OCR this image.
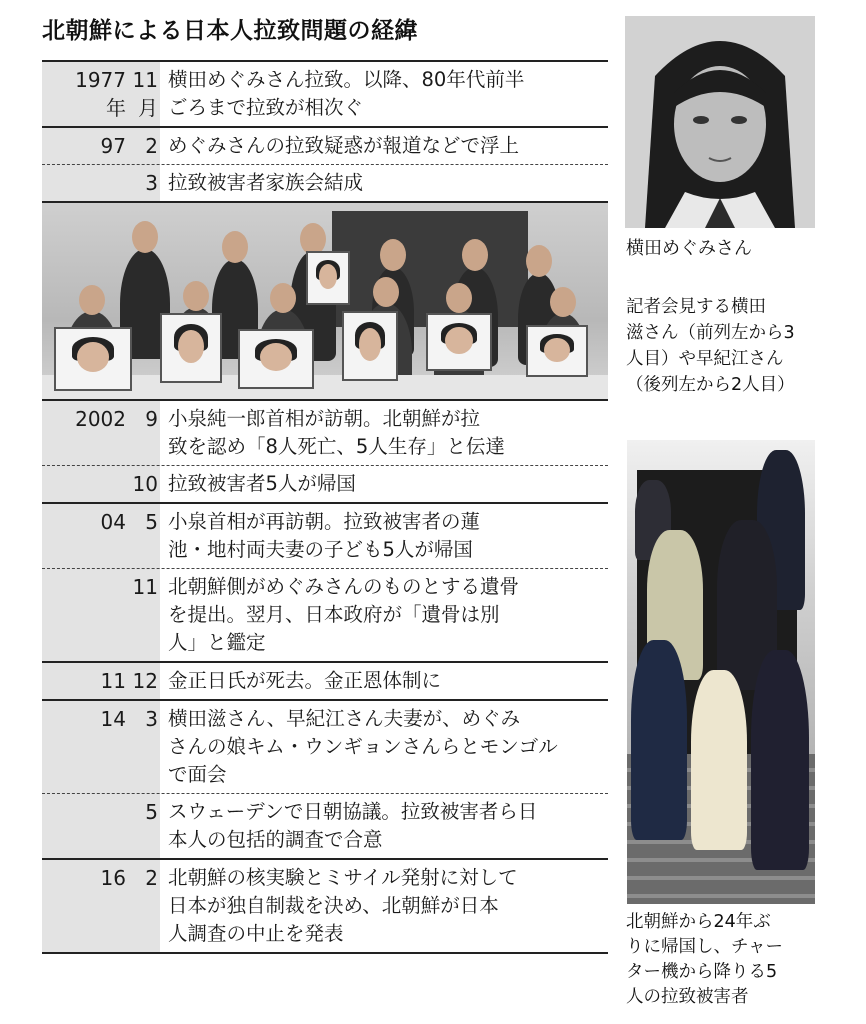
北朝鮮による日本人拉致問題の経緯
1977
年
11
月
横田めぐみさん拉致。以降、80年代前半
ごろまで拉致が相次ぐ
97 2 めぐみさんの拉致疑惑が報道などで浮上
3 拉致被害者家族会結成
2002 9 小泉純一郎首相が訪朝。北朝鮮が拉
致を認め「8人死亡、5人生存」と伝達
10 拉致被害者5人が帰国
04 5 小泉首相が再訪朝。拉致被害者の蓮
池・地村両夫妻の子ども5人が帰国
11 北朝鮮側がめぐみさんのものとする遺骨
を提出。翌月、日本政府が「遺骨は別
人」と鑑定
11 12 金正日氏が死去。金正恩体制に
14 3 横田滋さん、早紀江さん夫妻が、めぐみ
さんの娘キム・ウンギョンさんらとモンゴル
で面会
5 スウェーデンで日朝協議。拉致被害者ら日
本人の包括的調査で合意
16 2 北朝鮮の核実験とミサイル発射に対して
日本が独自制裁を決め、北朝鮮が日本
人調査の中止を発表
横田めぐみさん
記者会見する横田
滋さん（前列左から3
人目）や早紀江さん
（後列左から2人目）
北朝鮮から24年ぶ
りに帰国し、チャー
ター機から降りる5
人の拉致被害者
